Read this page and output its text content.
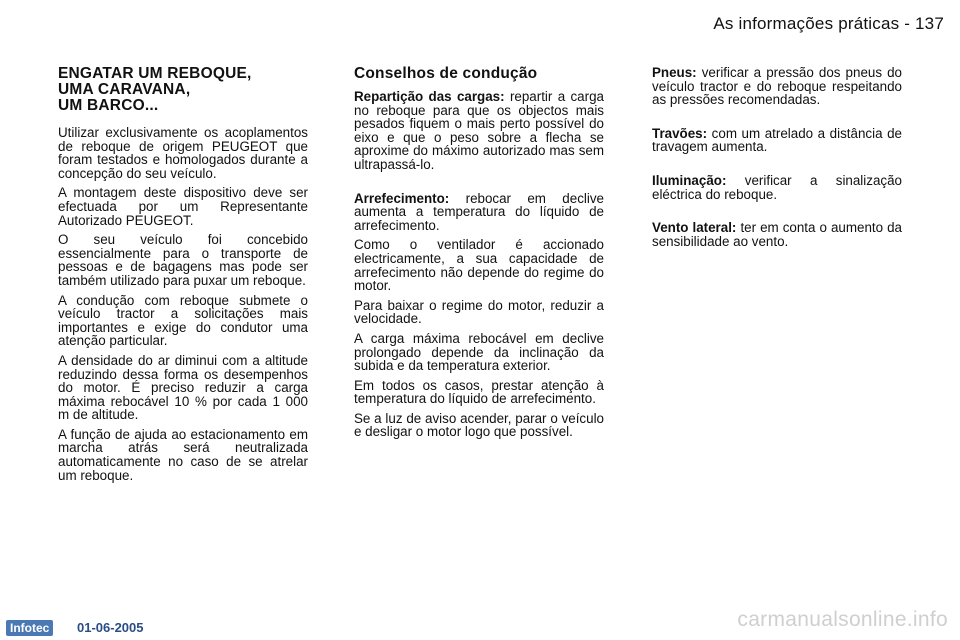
As informações práticas - 137
ENGATAR UM REBOQUE,
UMA CARAVANA,
UM BARCO...

Utilizar exclusivamente os acoplamentos de reboque de origem PEUGEOT que foram testados e homologados durante a concepção do seu veículo.

A montagem deste dispositivo deve ser efectuada por um Representante Autorizado PEUGEOT.

O seu veículo foi concebido essencialmente para o transporte de pessoas e de bagagens mas pode ser também utilizado para puxar um reboque.

A condução com reboque submete o veículo tractor a solicitações mais importantes e exige do condutor uma atenção particular.

A densidade do ar diminui com a altitude reduzindo dessa forma os desempenhos do motor. É preciso reduzir a carga máxima rebocável 10 % por cada 1 000 m de altitude.

A função de ajuda ao estacionamento em marcha atrás será neutralizada automaticamente no caso de se atrelar um reboque.

Conselhos de condução

Repartição das cargas: repartir a carga no reboque para que os objectos mais pesados fiquem o mais perto possível do eixo e que o peso sobre a flecha se aproxime do máximo autorizado mas sem ultrapassá-lo.

Arrefecimento: rebocar em declive aumenta a temperatura do líquido de arrefecimento.

Como o ventilador é accionado electricamente, a sua capacidade de arrefecimento não depende do regime do motor.

Para baixar o regime do motor, reduzir a velocidade.

A carga máxima rebocável em declive prolongado depende da inclinação da subida e da temperatura exterior.

Em todos os casos, prestar atenção à temperatura do líquido de arrefecimento.

Se a luz de aviso acender, parar o veículo e desligar o motor logo que possível.

Pneus: verificar a pressão dos pneus do veículo tractor e do reboque respeitando as pressões recomendadas.

Travões: com um atrelado a distância de travagem aumenta.

Iluminação: verificar a sinalização eléctrica do reboque.

Vento lateral: ter em conta o aumento da sensibilidade ao vento.

Infotec	01-06-2005	carmanualsonline.info
